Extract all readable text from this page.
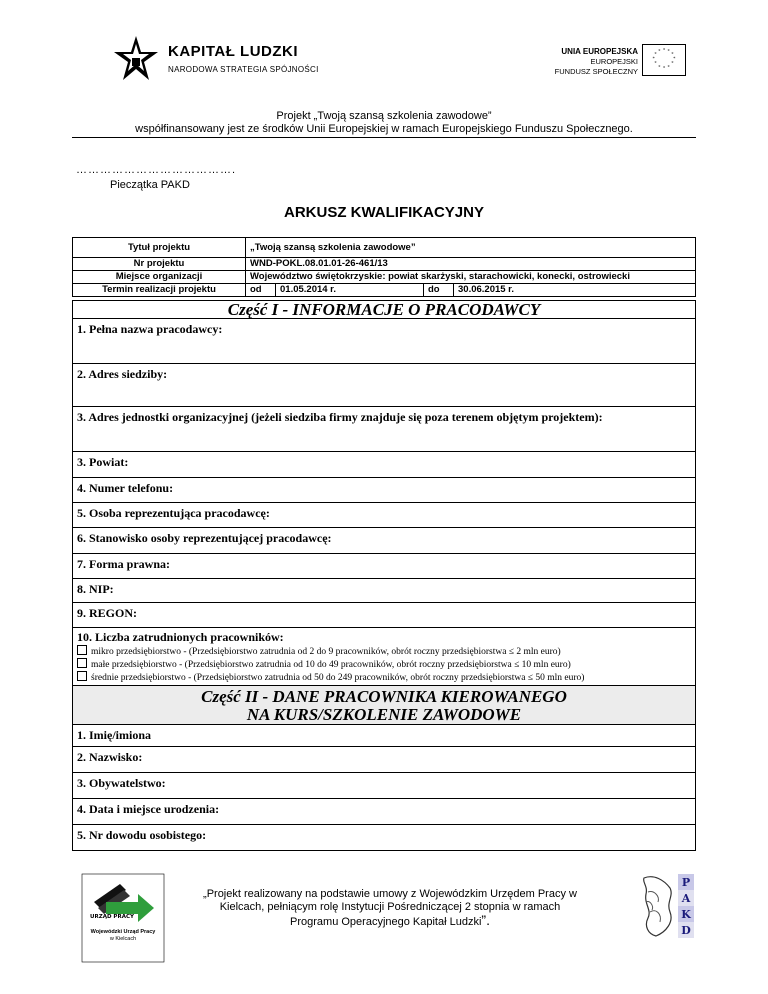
KAPITAŁ LUDZKI
NARODOWA STRATEGIA SPÓJNOŚCI
UNIA EUROPEJSKA
EUROPEJSKI
FUNDUSZ SPOŁECZNY
* *
*
*
*
*
*
*
*
*
*
*
Projekt „Twoją szansą szkolenia zawodowe”
współfinansowany jest ze środków Unii Europejskiej w ramach Europejskiego Funduszu Społecznego.
………………………………….
Pieczątka PAKD
ARKUSZ KWALIFIKACYJNY
Tytuł projektu	„Twoją szansą szkolenia zawodowe”			
Nr projektu	WND-POKL.08.01.01-26-461/13			
Miejsce organizacji	Województwo świętokrzyskie: powiat skarżyski, starachowicki, konecki, ostrowiecki			
Termin realizacji projektu	od	01.05.2014 r.	do	30.06.2015 r.
Część I - INFORMACJE O PRACODAWCY
1. Pełna nazwa pracodawcy:
2. Adres siedziby:
3. Adres jednostki organizacyjnej (jeżeli siedziba firmy znajduje się poza terenem objętym projektem):
3. Powiat:
4. Numer telefonu:
5. Osoba reprezentująca pracodawcę:
6. Stanowisko osoby reprezentującej pracodawcę:
7. Forma prawna:
8. NIP:
9. REGON:
10. Liczba zatrudnionych pracowników:
mikro przedsiębiorstwo - (Przedsiębiorstwo zatrudnia od 2 do 9 pracowników, obrót roczny przedsiębiorstwa ≤ 2 mln euro)
małe przedsiębiorstwo - (Przedsiębiorstwo zatrudnia od 10 do 49 pracowników, obrót roczny przedsiębiorstwa ≤ 10 mln euro)
średnie przedsiębiorstwo - (Przedsiębiorstwo zatrudnia od 50 do 249 pracowników, obrót roczny przedsiębiorstwa ≤ 50 mln euro)
Część II - DANE PRACOWNIKA KIEROWANEGO
NA KURS/SZKOLENIE ZAWODOWE
1. Imię/imiona
2. Nazwisko:
3. Obywatelstwo:
4. Data i miejsce urodzenia:
5. Nr dowodu osobistego:
URZĄD PRACY
Wojewódzki Urząd Pracy
w Kielcach
„Projekt realizowany na podstawie umowy z Wojewódzkim Urzędem Pracy w
Kielcach, pełniącym rolę Instytucji Pośredniczącej 2 stopnia w ramach
Programu Operacyjnego Kapitał Ludzki”.
P
A
K
D
